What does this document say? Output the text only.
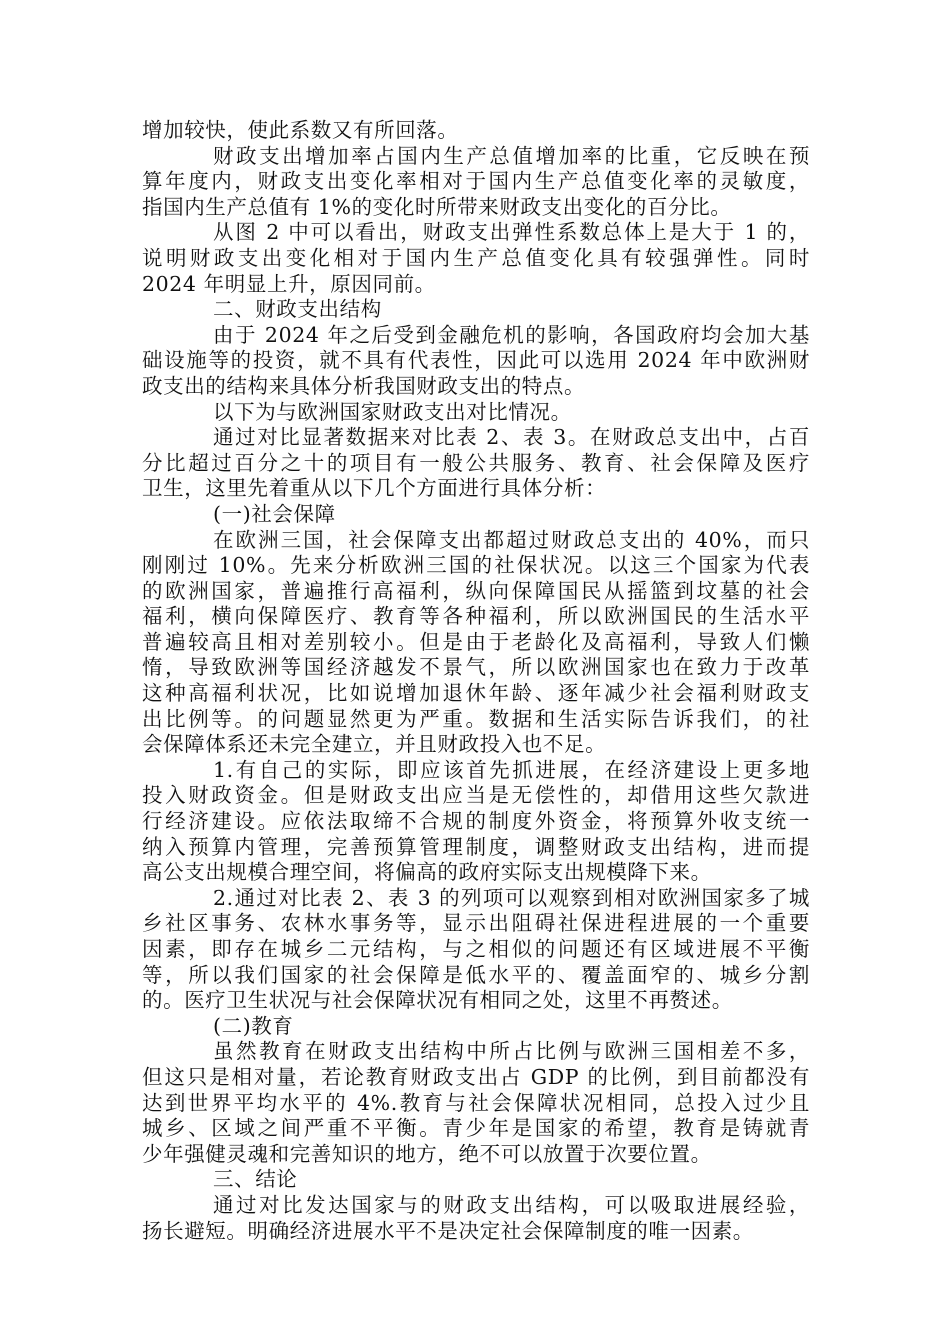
增加较快，使此系数又有所回落。
财政支出增加率占国内生产总值增加率的比重，它反映在预
算年度内，财政支出变化率相对于国内生产总值变化率的灵敏度，
指国内生产总值有 1%的变化时所带来财政支出变化的百分比。
从图 2 中可以看出，财政支出弹性系数总体上是大于 1 的，
说明财政支出变化相对于国内生产总值变化具有较强弹性。同时
2024 年明显上升，原因同前。
二、财政支出结构
由于 2024 年之后受到金融危机的影响，各国政府均会加大基
础设施等的投资，就不具有代表性，因此可以选用 2024 年中欧洲财
政支出的结构来具体分析我国财政支出的特点。
以下为与欧洲国家财政支出对比情况。
通过对比显著数据来对比表 2、表 3。在财政总支出中，占百
分比超过百分之十的项目有一般公共服务、教育、社会保障及医疗
卫生，这里先着重从以下几个方面进行具体分析：
(一)社会保障
在欧洲三国，社会保障支出都超过财政总支出的 40%，而只
刚刚过 10%。先来分析欧洲三国的社保状况。以这三个国家为代表
的欧洲国家，普遍推行高福利，纵向保障国民从摇篮到坟墓的社会
福利，横向保障医疗、教育等各种福利，所以欧洲国民的生活水平
普遍较高且相对差别较小。但是由于老龄化及高福利，导致人们懒
惰，导致欧洲等国经济越发不景气，所以欧洲国家也在致力于改革
这种高福利状况，比如说增加退休年龄、逐年减少社会福利财政支
出比例等。的问题显然更为严重。数据和生活实际告诉我们，的社
会保障体系还未完全建立，并且财政投入也不足。
1.有自己的实际，即应该首先抓进展，在经济建设上更多地
投入财政资金。但是财政支出应当是无偿性的，却借用这些欠款进
行经济建设。应依法取缔不合规的制度外资金，将预算外收支统一
纳入预算内管理，完善预算管理制度，调整财政支出结构，进而提
高公支出规模合理空间，将偏高的政府实际支出规模降下来。
2.通过对比表 2、表 3 的列项可以观察到相对欧洲国家多了城
乡社区事务、农林水事务等，显示出阻碍社保进程进展的一个重要
因素，即存在城乡二元结构，与之相似的问题还有区域进展不平衡
等，所以我们国家的社会保障是低水平的、覆盖面窄的、城乡分割
的。医疗卫生状况与社会保障状况有相同之处，这里不再赘述。
(二)教育
虽然教育在财政支出结构中所占比例与欧洲三国相差不多，
但这只是相对量，若论教育财政支出占 GDP 的比例，到目前都没有
达到世界平均水平的 4%.教育与社会保障状况相同，总投入过少且
城乡、区域之间严重不平衡。青少年是国家的希望，教育是铸就青
少年强健灵魂和完善知识的地方，绝不可以放置于次要位置。
三、结论
通过对比发达国家与的财政支出结构，可以吸取进展经验，
扬长避短。明确经济进展水平不是决定社会保障制度的唯一因素。
